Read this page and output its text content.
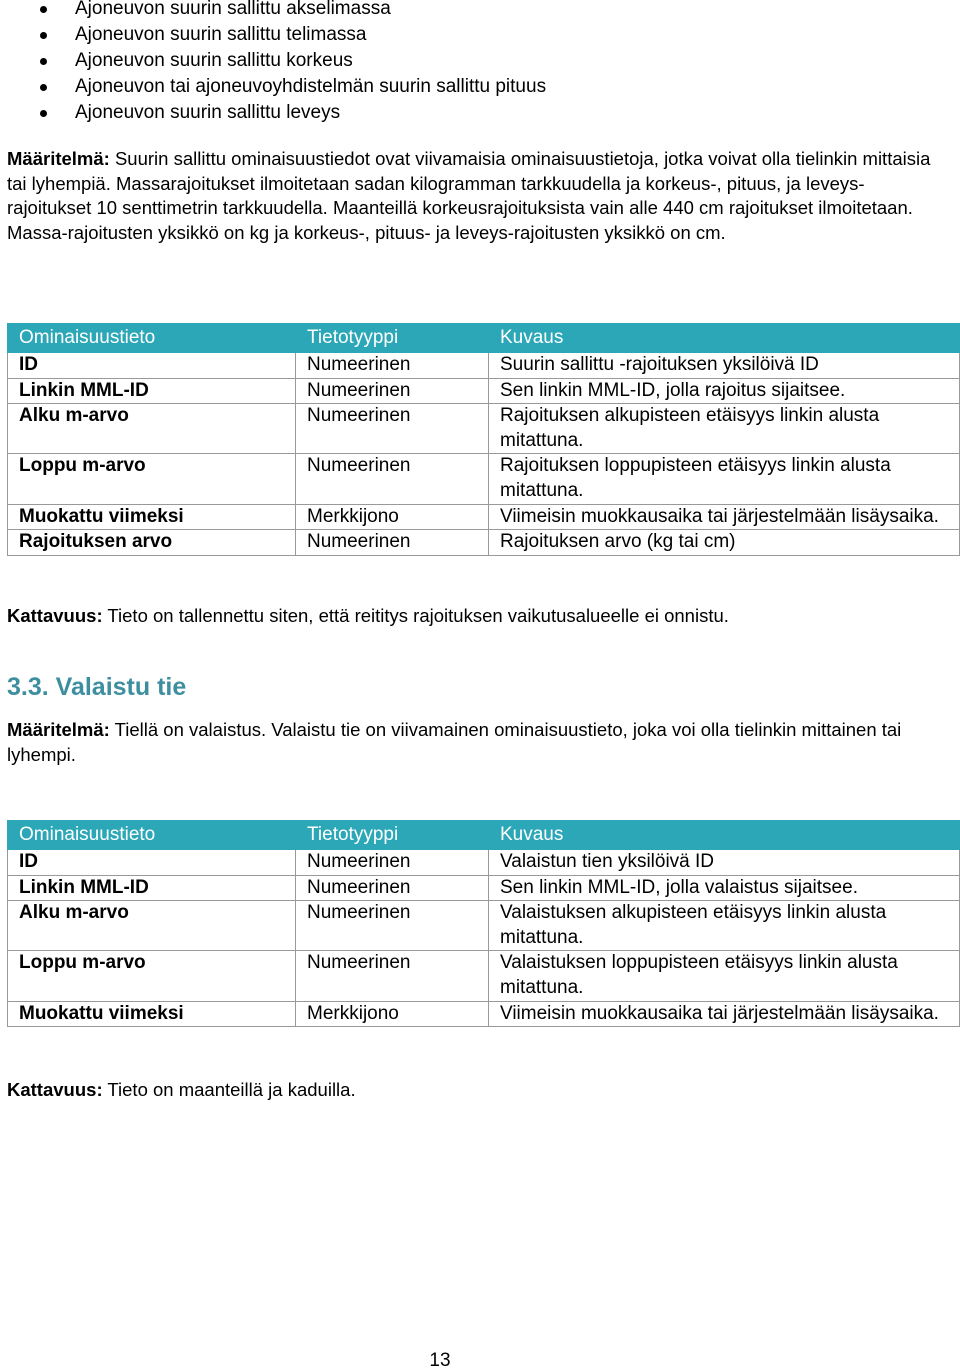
Ajoneuvon suurin sallittu akselimassa
Ajoneuvon suurin sallittu telimassa
Ajoneuvon suurin sallittu korkeus
Ajoneuvon tai ajoneuvoyhdistelmän suurin sallittu pituus
Ajoneuvon suurin sallittu leveys

Määritelmä: Suurin sallittu ominaisuustiedot ovat viivamaisia ominaisuustietoja, jotka voivat olla tielinkin mittaisia tai lyhempiä. Massarajoitukset ilmoitetaan sadan kilogramman tarkkuudella ja korkeus-, pituus, ja leveys-rajoitukset 10 senttimetrin tarkkuudella. Maanteillä korkeusrajoituksista vain alle 440 cm rajoitukset ilmoitetaan. Massa-rajoitusten yksikkö on kg ja korkeus-, pituus- ja leveys-rajoitusten yksikkö on cm.

Ominaisuustieto	Tietotyyppi	Kuvaus
ID	Numeerinen	Suurin sallittu -rajoituksen yksilöivä ID
Linkin MML-ID	Numeerinen	Sen linkin MML-ID, jolla rajoitus sijaitsee.
Alku m-arvo	Numeerinen	Rajoituksen alkupisteen etäisyys linkin alusta mitattuna.
Loppu m-arvo	Numeerinen	Rajoituksen loppupisteen etäisyys linkin alusta mitattuna.
Muokattu viimeksi	Merkkijono	Viimeisin muokkausaika tai järjestelmään lisäysaika.
Rajoituksen arvo	Numeerinen	Rajoituksen arvo (kg tai cm)

Kattavuus: Tieto on tallennettu siten, että reititys rajoituksen vaikutusalueelle ei onnistu.

3.3. Valaistu tie

Määritelmä: Tiellä on valaistus. Valaistu tie on viivamainen ominaisuustieto, joka voi olla tielinkin mittainen tai lyhempi.

Ominaisuustieto	Tietotyyppi	Kuvaus
ID	Numeerinen	Valaistun tien yksilöivä ID
Linkin MML-ID	Numeerinen	Sen linkin MML-ID, jolla valaistus sijaitsee.
Alku m-arvo	Numeerinen	Valaistuksen alkupisteen etäisyys linkin alusta mitattuna.
Loppu m-arvo	Numeerinen	Valaistuksen loppupisteen etäisyys linkin alusta mitattuna.
Muokattu viimeksi	Merkkijono	Viimeisin muokkausaika tai järjestelmään lisäysaika.

Kattavuus: Tieto on maanteillä ja kaduilla.

13
